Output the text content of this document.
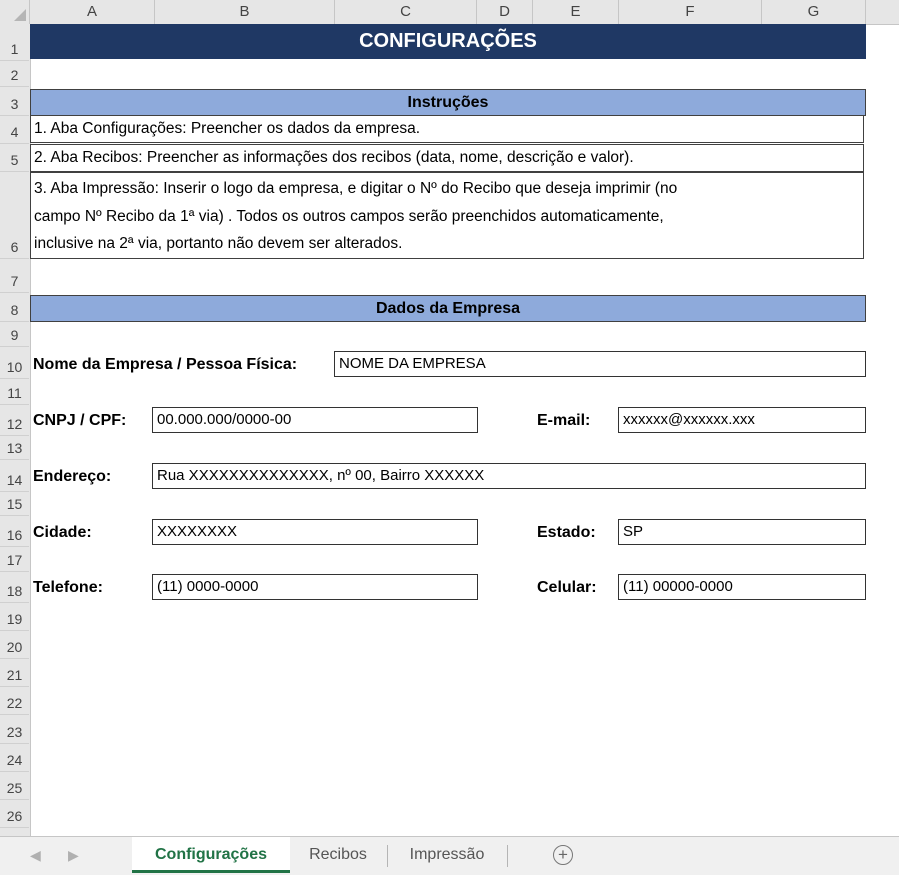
A	B	C	D	E	F	G
1
2
3
4
5
6
7
8
9
10
11
12
13
14
15
16
17
18
19
20
21
22
23
24
25
26
CONFIGURAÇÕES
Instruções
1. Aba Configurações: Preencher os dados da empresa.
2. Aba Recibos: Preencher as informações dos recibos (data, nome, descrição e valor).
3. Aba Impressão: Inserir o logo da empresa, e digitar o Nº do Recibo que deseja imprimir (no
campo Nº Recibo da 1ª via) . Todos os outros campos serão preenchidos automaticamente,
inclusive na 2ª via, portanto não devem ser alterados.
Dados da Empresa
Nome da Empresa / Pessoa Física:	NOME DA EMPRESA
CNPJ / CPF:	00.000.000/0000-00	E-mail:	xxxxxx@xxxxxx.xxx
Endereço:	Rua XXXXXXXXXXXXXX, nº 00, Bairro XXXXXX
Cidade:	XXXXXXXX	Estado:	SP
Telefone:	(11) 0000-0000	Celular:	(11) 00000-0000
◀ ▶	Configurações	Recibos	Impressão	+
